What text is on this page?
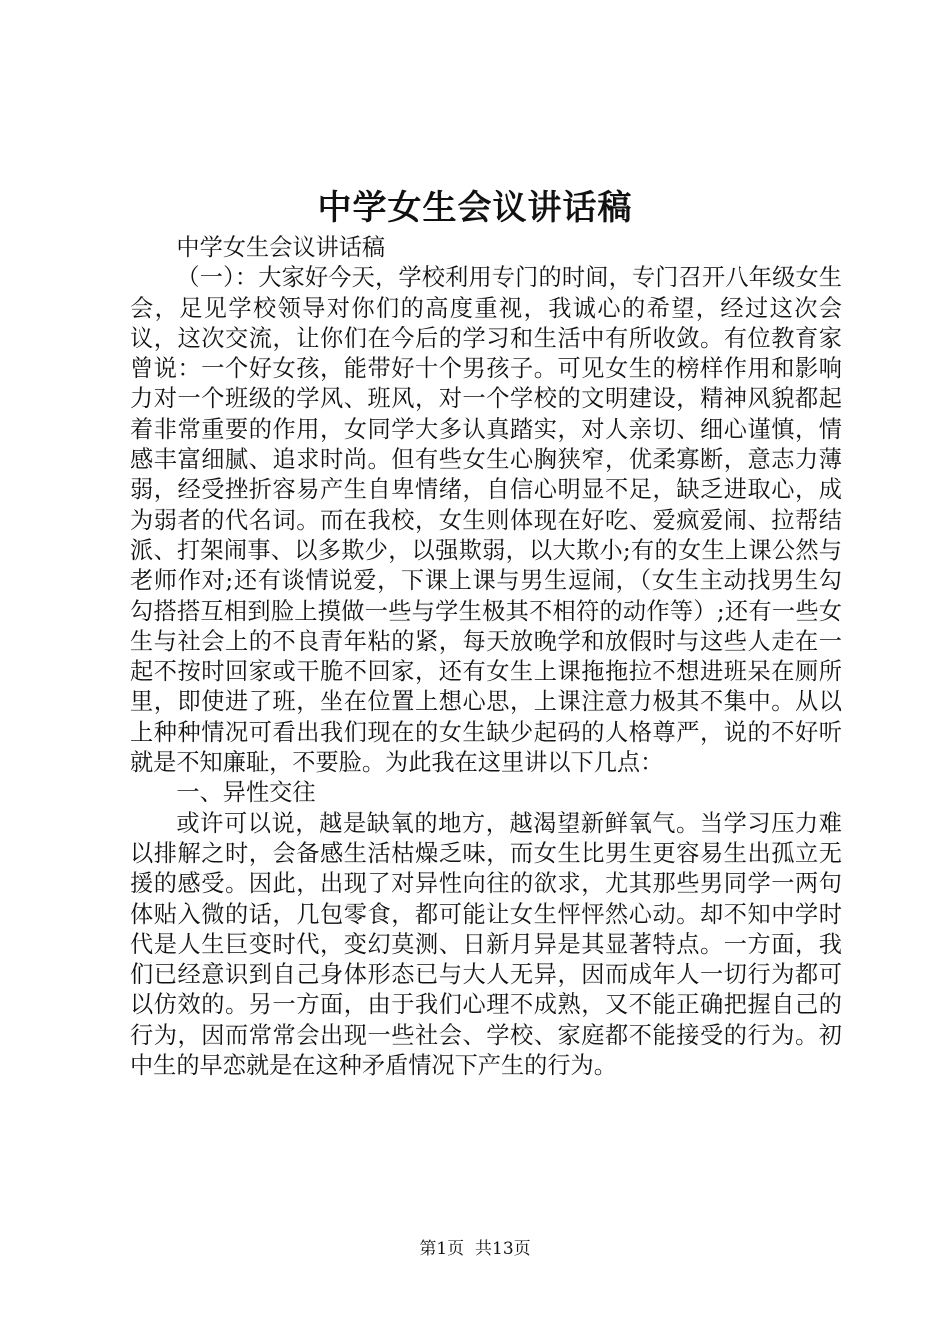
中学女生会议讲话稿

中学女生会议讲话稿

（一）：大家好今天，学校利用专门的时间，专门召开八年级女生会，足见学校领导对你们的高度重视，我诚心的希望，经过这次会议，这次交流，让你们在今后的学习和生活中有所收敛。有位教育家曾说：一个好女孩，能带好十个男孩子。可见女生的榜样作用和影响力对一个班级的学风、班风，对一个学校的文明建设，精神风貌都起着非常重要的作用，女同学大多认真踏实，对人亲切、细心谨慎，情感丰富细腻、追求时尚。但有些女生心胸狭窄，优柔寡断，意志力薄弱，经受挫折容易产生自卑情绪，自信心明显不足，缺乏进取心，成为弱者的代名词。而在我校，女生则体现在好吃、爱疯爱闹、拉帮结派、打架闹事、以多欺少，以强欺弱，以大欺小;有的女生上课公然与老师作对;还有谈情说爱，下课上课与男生逗闹，（女生主动找男生勾勾搭搭互相到脸上摸做一些与学生极其不相符的动作等）;还有一些女生与社会上的不良青年粘的紧，每天放晚学和放假时与这些人走在一起不按时回家或干脆不回家，还有女生上课拖拖拉不想进班呆在厕所里，即使进了班，坐在位置上想心思，上课注意力极其不集中。从以上种种情况可看出我们现在的女生缺少起码的人格尊严，说的不好听就是不知廉耻，不要脸。为此我在这里讲以下几点：

一、异性交往

或许可以说，越是缺氧的地方，越渴望新鲜氧气。当学习压力难以排解之时，会备感生活枯燥乏味，而女生比男生更容易生出孤立无援的感受。因此，出现了对异性向往的欲求，尤其那些男同学一两句体贴入微的话，几包零食，都可能让女生怦怦然心动。却不知中学时代是人生巨变时代，变幻莫测、日新月异是其显著特点。一方面，我们已经意识到自己身体形态已与大人无异，因而成年人一切行为都可以仿效的。另一方面，由于我们心理不成熟，又不能正确把握自己的行为，因而常常会出现一些社会、学校、家庭都不能接受的行为。初中生的早恋就是在这种矛盾情况下产生的行为。

第1页 共13页
